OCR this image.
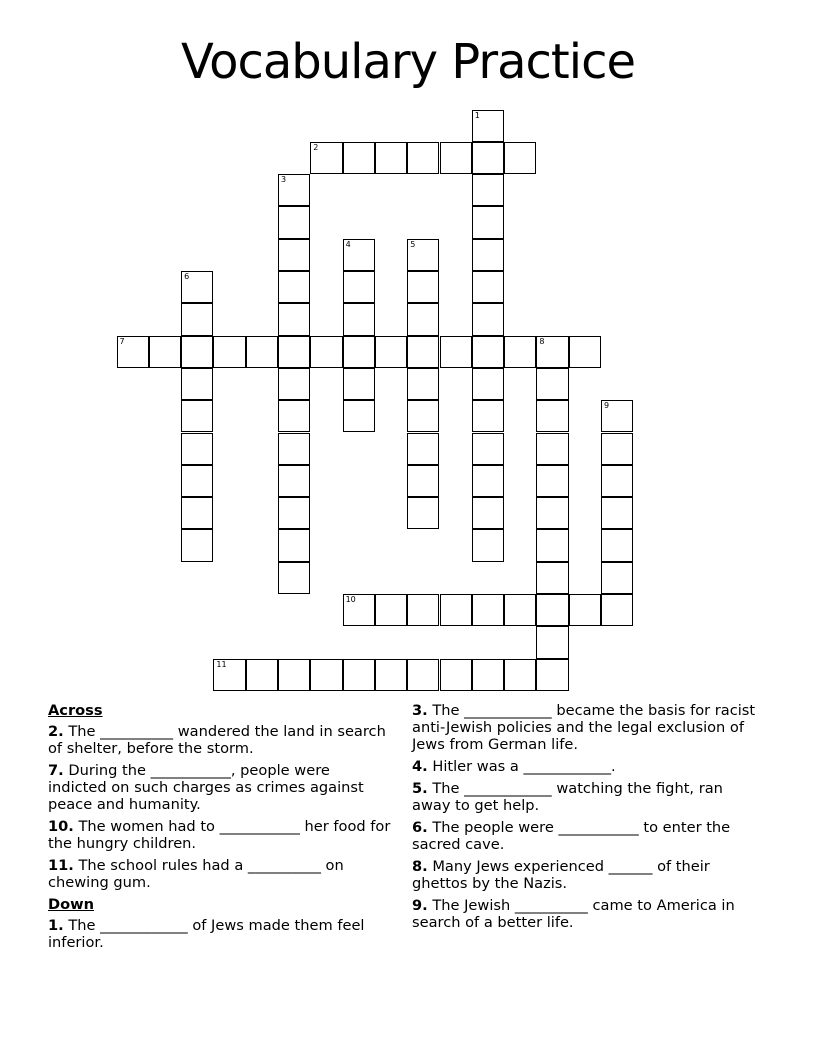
Vocabulary Practice
1
2
3
4	5
6
7	8
9
10
11
Across
2. The __________ wandered the land in search of shelter, before the storm.
7. During the ___________, people were indicted on such charges as crimes against peace and humanity.
10. The women had to ___________ her food for the hungry children.
11. The school rules had a __________ on chewing gum.
Down
1. The ____________ of Jews made them feel inferior.
3. The ____________ became the basis for racist anti-Jewish policies and the legal exclusion of Jews from German life.
4. Hitler was a ____________.
5. The ____________ watching the fight, ran away to get help.
6. The people were ___________ to enter the sacred cave.
8. Many Jews experienced ______ of their ghettos by the Nazis.
9. The Jewish __________ came to America in search of a better life.
